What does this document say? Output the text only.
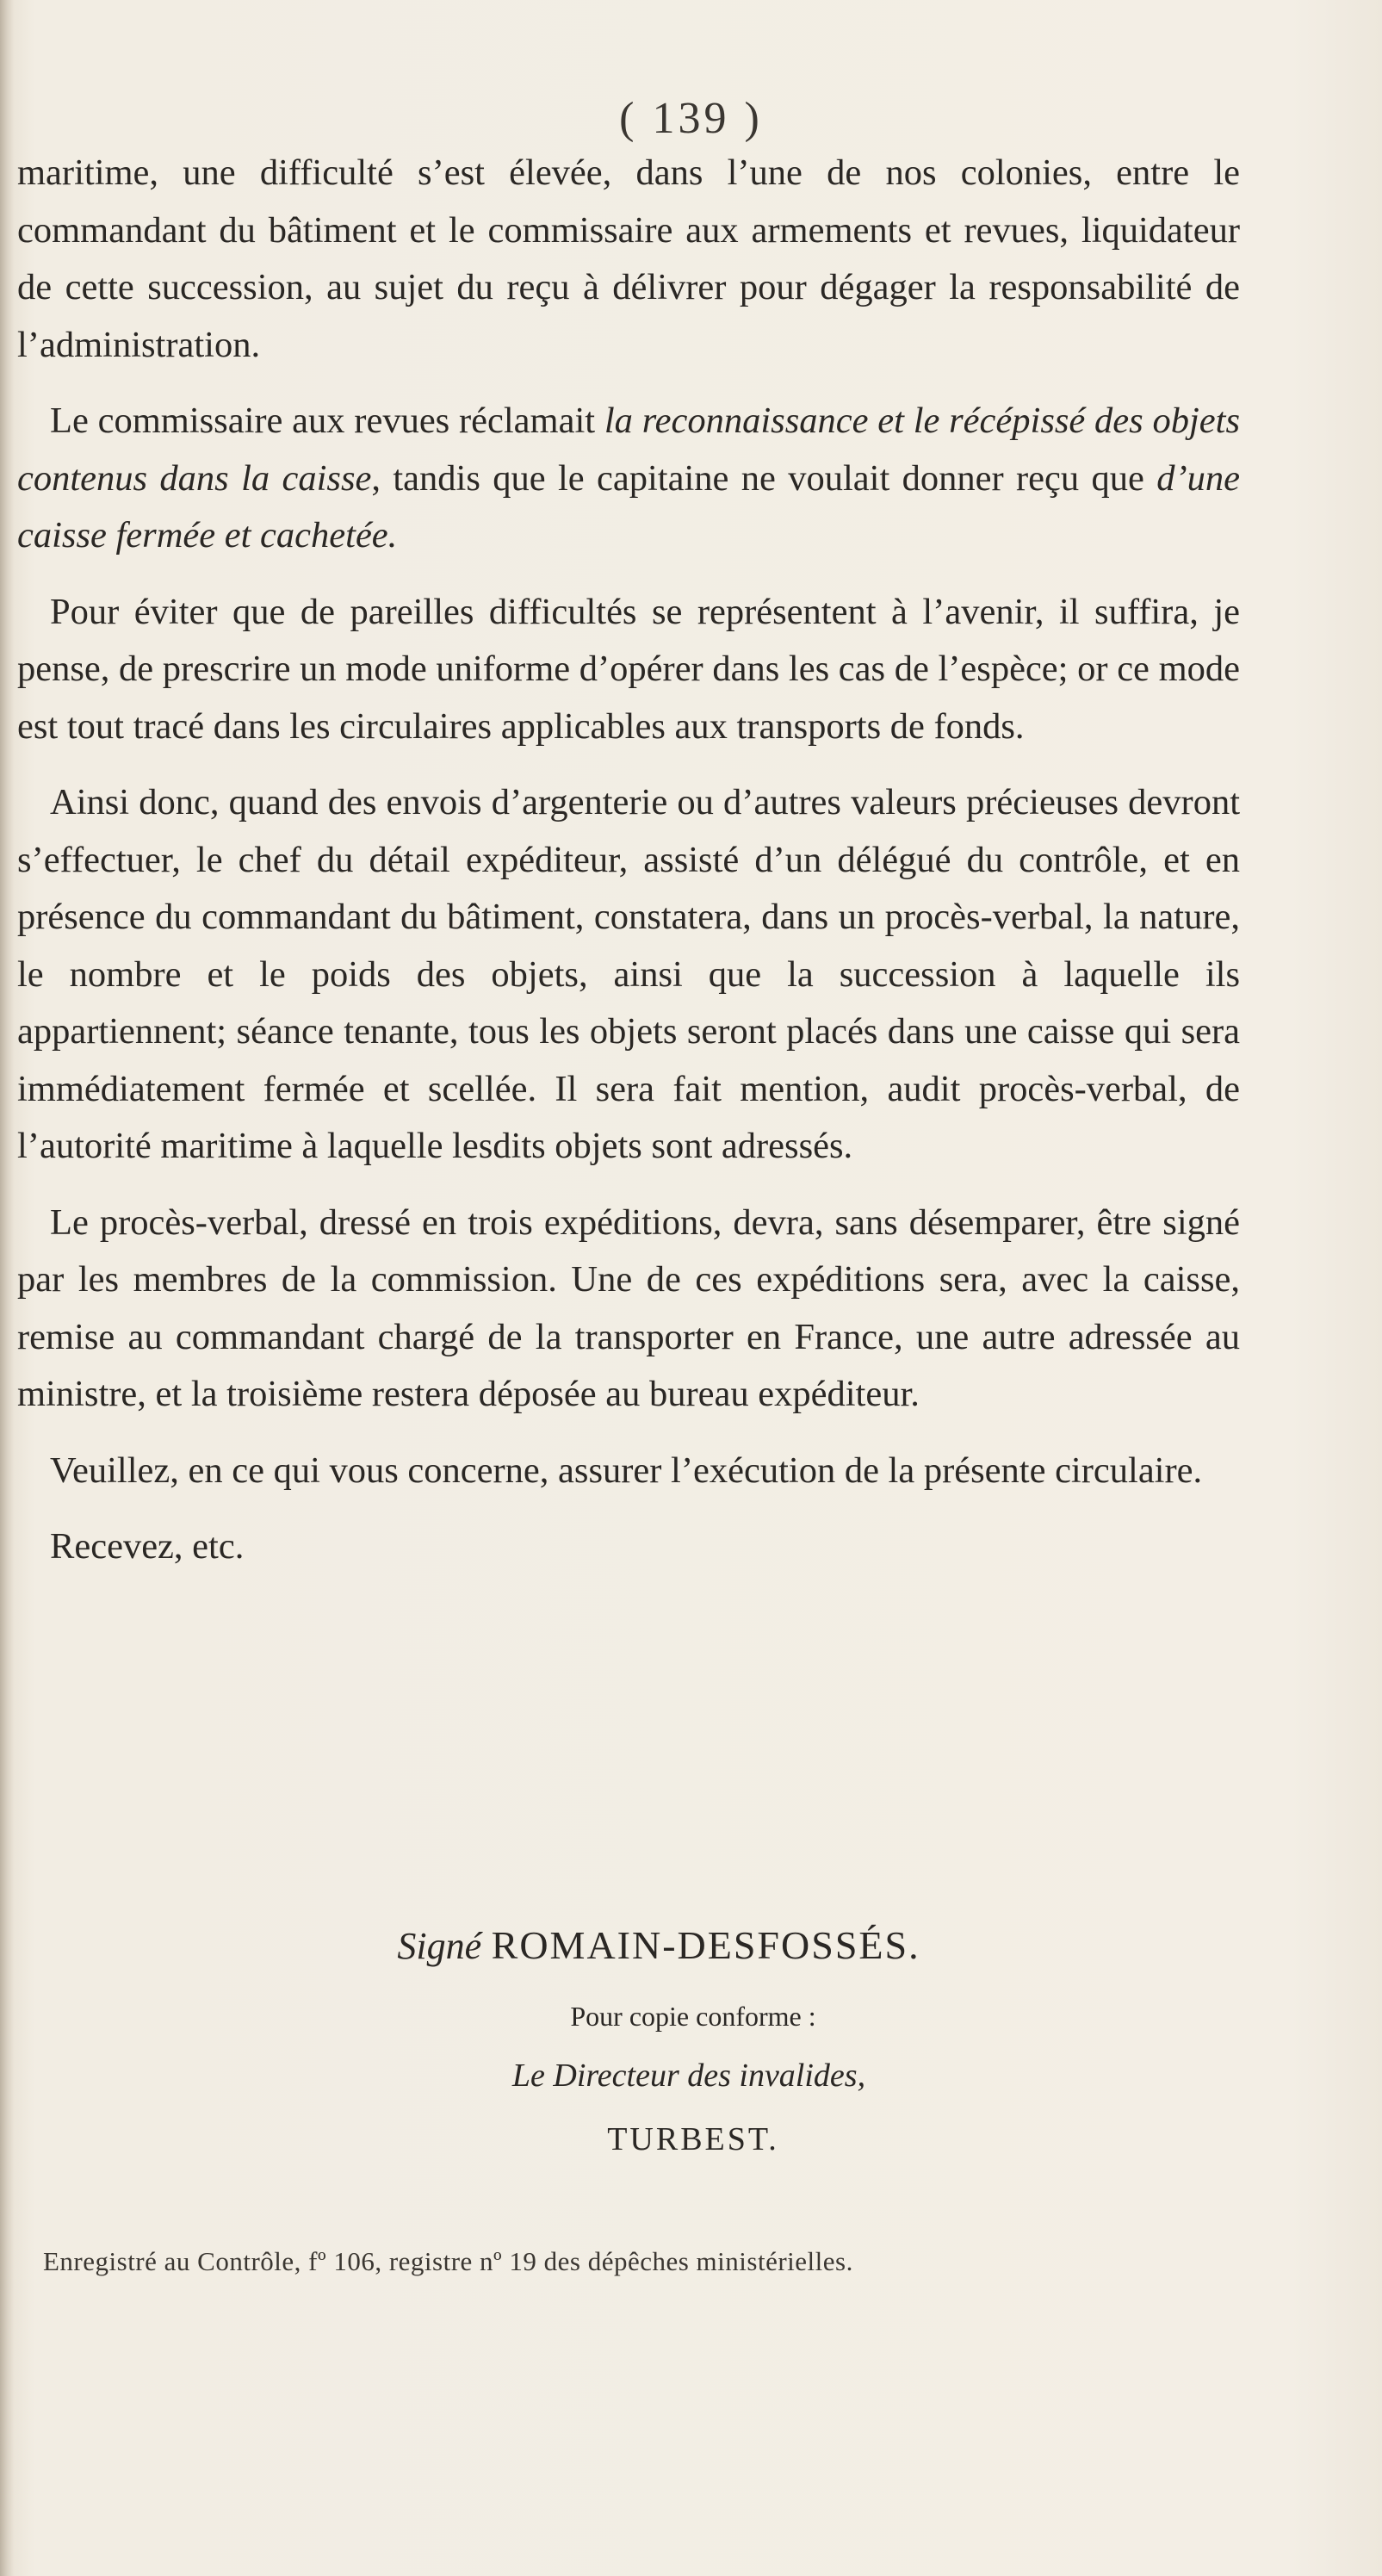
( 139 )

maritime, une difficulté s’est élevée, dans l’une de nos colonies, entre le commandant du bâtiment et le commissaire aux armements et revues, liquidateur de cette succession, au sujet du reçu à délivrer pour dégager la responsabilité de l’administration.

Le commissaire aux revues réclamait la reconnaissance et le récépissé des objets contenus dans la caisse, tandis que le capitaine ne voulait donner reçu que d’une caisse fermée et cachetée.

Pour éviter que de pareilles difficultés se représentent à l’avenir, il suffira, je pense, de prescrire un mode uniforme d’opérer dans les cas de l’espèce; or ce mode est tout tracé dans les circulaires applicables aux transports de fonds.

Ainsi donc, quand des envois d’argenterie ou d’autres valeurs précieuses devront s’effectuer, le chef du détail expéditeur, assisté d’un délégué du contrôle, et en présence du commandant du bâtiment, constatera, dans un procès-verbal, la nature, le nombre et le poids des objets, ainsi que la succession à laquelle ils appartiennent; séance tenante, tous les objets seront placés dans une caisse qui sera immédiatement fermée et scellée. Il sera fait mention, audit procès-verbal, de l’autorité maritime à laquelle lesdits objets sont adressés.

Le procès-verbal, dressé en trois expéditions, devra, sans désemparer, être signé par les membres de la commission. Une de ces expéditions sera, avec la caisse, remise au commandant chargé de la transporter en France, une autre adressée au ministre, et la troisième restera déposée au bureau expéditeur.

Veuillez, en ce qui vous concerne, assurer l’exécution de la présente circulaire.

Recevez, etc.

Signé ROMAIN-DESFOSSÉS.
Pour copie conforme :
Le Directeur des invalides,
TURBEST.
Enregistré au Contrôle, fº 106, registre nº 19 des dépêches ministérielles.
